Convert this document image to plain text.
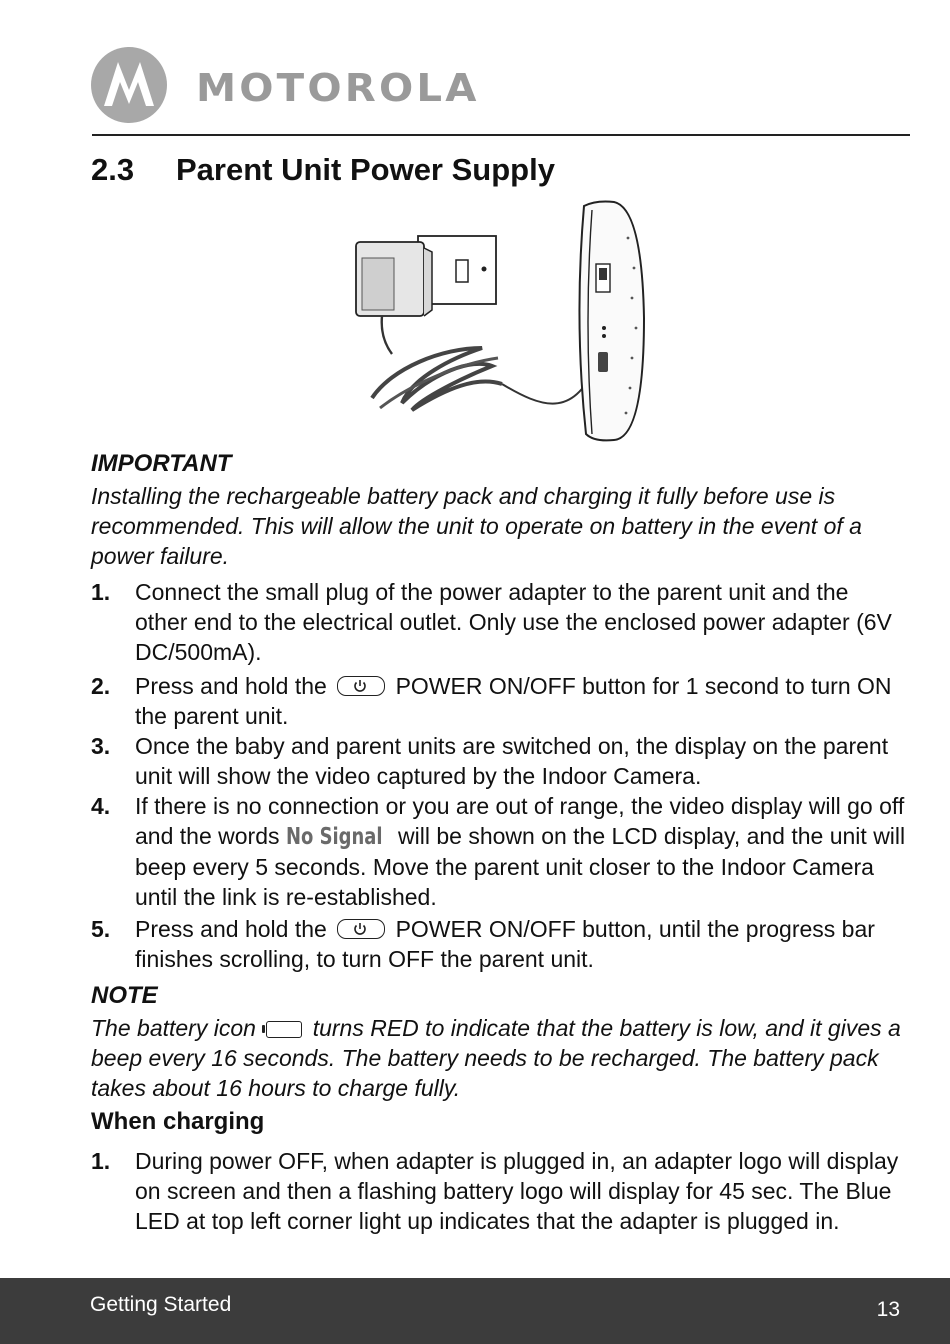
MOTOROLA
2.3 Parent Unit Power Supply
IMPORTANT
Installing the rechargeable battery pack and charging it fully before use is recommended. This will allow the unit to operate on battery in the event of a power failure.
1. Connect the small plug of the power adapter to the parent unit and the other end to the electrical outlet. Only use the enclosed power adapter (6V DC/500mA).
2. Press and hold the	POWER ON/OFF button for 1 second to turn ON the parent unit.
3. Once the baby and parent units are switched on, the display on the parent unit will show the video captured by the Indoor Camera.
4. If there is no connection or you are out of range, the video display will go off and the words No Signal will be shown on the LCD display, and the unit will beep every 5 seconds. Move the parent unit closer to the Indoor Camera until the link is re-established.
5. Press and hold the	POWER ON/OFF button, until the progress bar finishes scrolling, to turn OFF the parent unit.
NOTE
The battery icon turns RED to indicate that the battery is low, and it gives a beep every 16 seconds. The battery needs to be recharged. The battery pack takes about 16 hours to charge fully.
When charging
1. During power OFF, when adapter is plugged in, an adapter logo will display on screen and then a flashing battery logo will display for 45 sec. The Blue LED at top left corner light up indicates that the adapter is plugged in.
Getting Started	13
